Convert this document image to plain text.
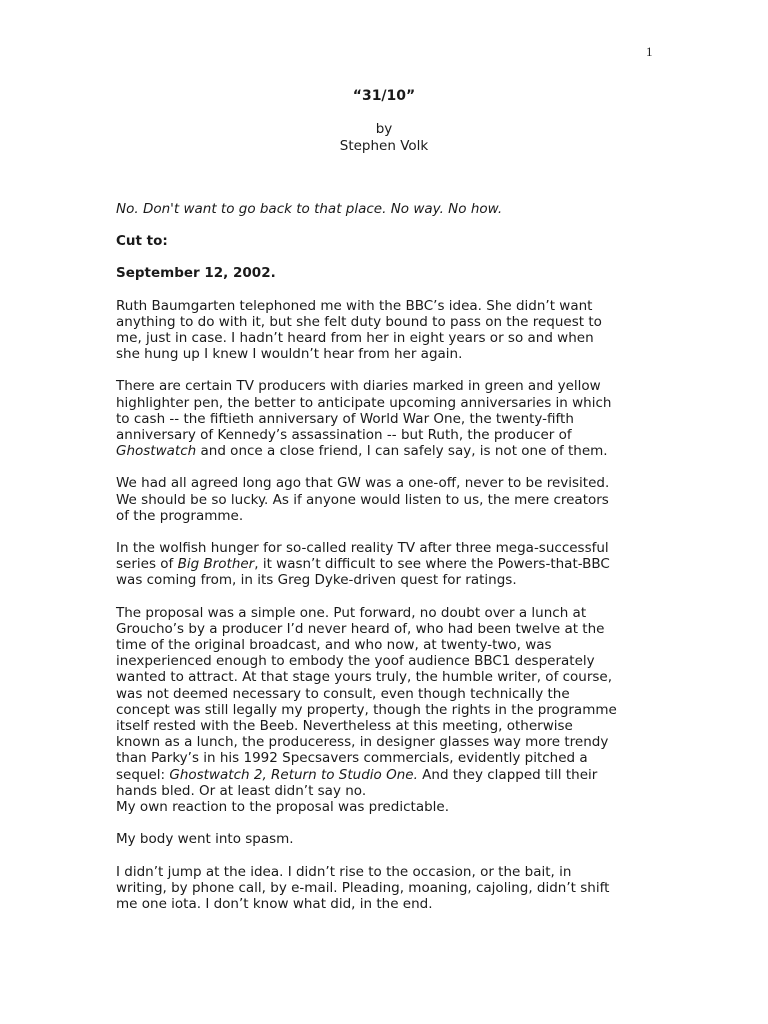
1
“31/10”
by
Stephen Volk

No. Don't want to go back to that place. No way. No how.

Cut to:

September 12, 2002.

Ruth Baumgarten telephoned me with the BBC’s idea. She didn’t want
anything to do with it, but she felt duty bound to pass on the request to
me, just in case. I hadn’t heard from her in eight years or so and when
she hung up I knew I wouldn’t hear from her again.

There are certain TV producers with diaries marked in green and yellow
highlighter pen, the better to anticipate upcoming anniversaries in which
to cash -- the fiftieth anniversary of World War One, the twenty-fifth
anniversary of Kennedy’s assassination -- but Ruth, the producer of
Ghostwatch and once a close friend, I can safely say, is not one of them.

We had all agreed long ago that GW was a one-off, never to be revisited.
We should be so lucky. As if anyone would listen to us, the mere creators
of the programme.

In the wolfish hunger for so-called reality TV after three mega-successful
series of Big Brother, it wasn’t difficult to see where the Powers-that-BBC
was coming from, in its Greg Dyke-driven quest for ratings.

The proposal was a simple one. Put forward, no doubt over a lunch at
Groucho’s by a producer I’d never heard of, who had been twelve at the
time of the original broadcast, and who now, at twenty-two, was
inexperienced enough to embody the yoof audience BBC1 desperately
wanted to attract. At that stage yours truly, the humble writer, of course,
was not deemed necessary to consult, even though technically the
concept was still legally my property, though the rights in the programme
itself rested with the Beeb. Nevertheless at this meeting, otherwise
known as a lunch, the produceress, in designer glasses way more trendy
than Parky’s in his 1992 Specsavers commercials, evidently pitched a
sequel: Ghostwatch 2, Return to Studio One. And they clapped till their
hands bled. Or at least didn’t say no.
My own reaction to the proposal was predictable.

My body went into spasm.

I didn’t jump at the idea. I didn’t rise to the occasion, or the bait, in
writing, by phone call, by e-mail. Pleading, moaning, cajoling, didn’t shift
me one iota. I don’t know what did, in the end.
